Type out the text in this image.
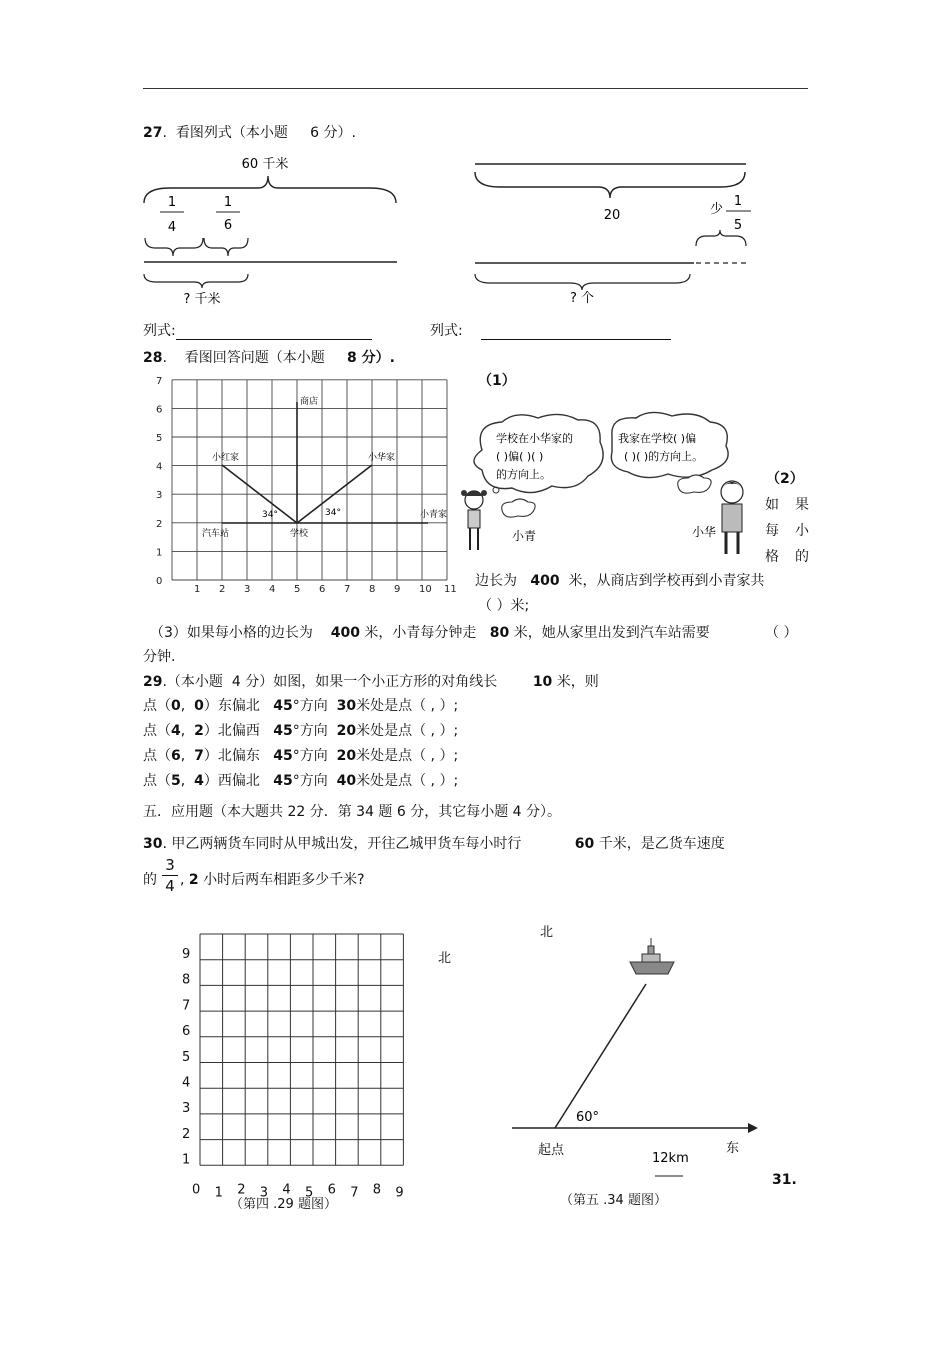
27.  看图列式（本小题 6 分）.
60 千米
1
4
1
6
? 千米
20	少
1
5
? 个
列式:	列式:
28.    看图回答问题（本小题 8 分）.
1 2 3 4 5 6 7 8 9 10 11
0
1
2
3
4
5
6
7
商店
小红家	小华家
小青家
汽车站	学校
34°	34°
（1）
学校在小华家的
( )偏( )( )
的方向上。
我家在学校( )偏
( )( )的方向上。
小青	小华
（2）
如 果
每 小
格 的
边长为 400 米，从商店到学校再到小青家共
（ ）米;
（3）如果每小格的边长为 400 米，小青每分钟走 80 米，她从家里出发到汽车站需要	（ ）
分钟.
29.（本小题 4 分）如图，如果一个小正方形的对角线长	10 米，则
点（0, 0）东偏北 45°方向 30米处是点（ , ）;
点（4, 2）北偏西 45°方向 20米处是点（ , ）;
点（6, 7）北偏东 45°方向 20米处是点（ , ）;
点（5, 4）西偏北 45°方向 40米处是点（ , ）;
五．应用题（本大题共 22 分．第 34 题 6 分，其它每小题 4 分）。
30. 甲乙两辆货车同时从甲城出发，开往乙城甲货车每小时行	60 千米，是乙货车速度
的
3
4 , 2 小时后两车相距多少千米?
1
2
3
4
5
6
7
8
9
0 1 2 3 4 5 6 7 8 9
（第四 .29 题图）
北
北
60°
起点	东
12km
（第五 .34 题图）
31.
